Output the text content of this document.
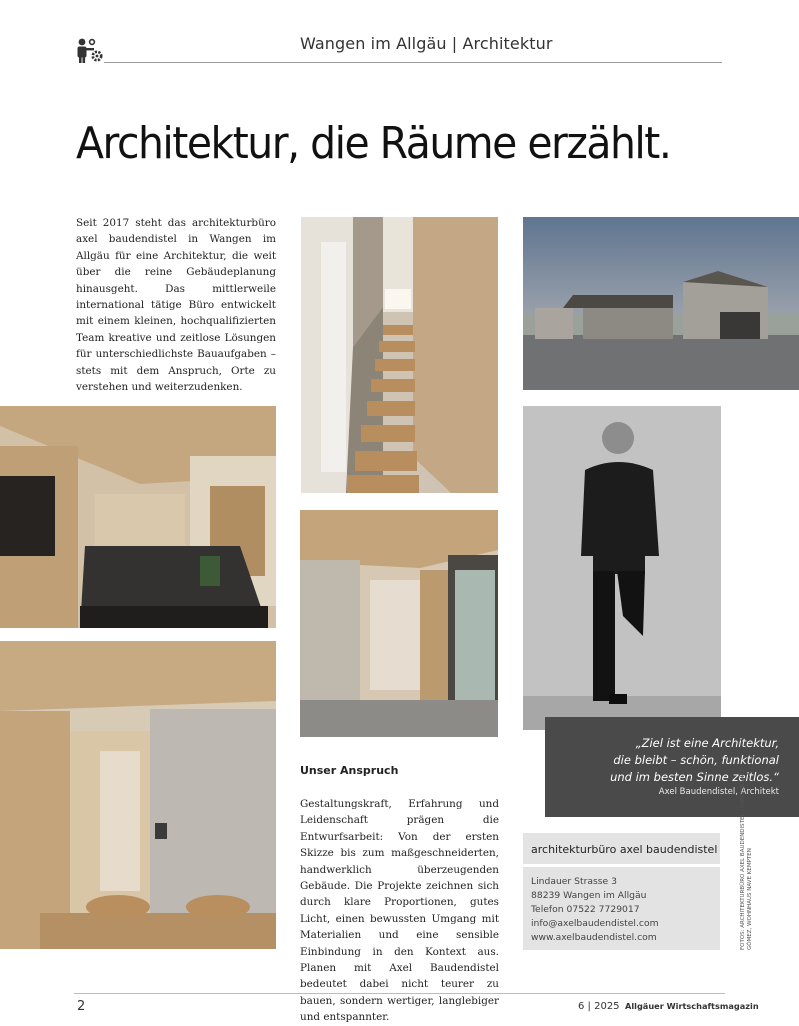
Wangen im Allgäu | Architektur
Architektur, die Räume erzählt.
Seit 2017 steht das architekturbüro axel baudendistel in Wangen im Allgäu für eine Architektur, die weit über die reine Gebäudeplanung hinausgeht. Das mittlerweile international tätige Büro entwickelt mit einem kleinen, hochqualifizierten Team kreative und zeitlose Lösungen für unterschiedlichste Bauaufgaben – stets mit dem Anspruch, Orte zu verstehen und weiterzudenken.
„Ziel ist eine Architektur,
die bleibt – schön, funktional
und im besten Sinne zeitlos.“
Axel Baudendistel, Architekt
Unser Anspruch
Gestaltungskraft, Erfahrung und Leidenschaft prägen die Entwurfsarbeit: Von der ersten Skizze bis zum maßgeschneiderten, handwerklich überzeugenden Gebäude. Die Projekte zeichnen sich durch klare Proportionen, gutes Licht, einen bewussten Umgang mit Materialien und eine sensible Einbindung in den Kontext aus. Planen mit Axel Baudendistel bedeutet dabei nicht teurer zu bauen, sondern wertiger, langlebiger und entspannter.
architekturbüro axel baudendistel
Lindauer Strasse 3
88239 Wangen im Allgäu
Telefon 07522 7729017
info@axelbaudendistel.com
www.axelbaudendistel.com	FOTOS: ARCHITEKTURBÜRO AXEL BAUDENDISTEL, ISABEL IBÁÑEZ GÓMEZ, WOHNHAUS NAVE KEMPTEN
2	6 | 2025 Allgäuer Wirtschaftsmagazin
